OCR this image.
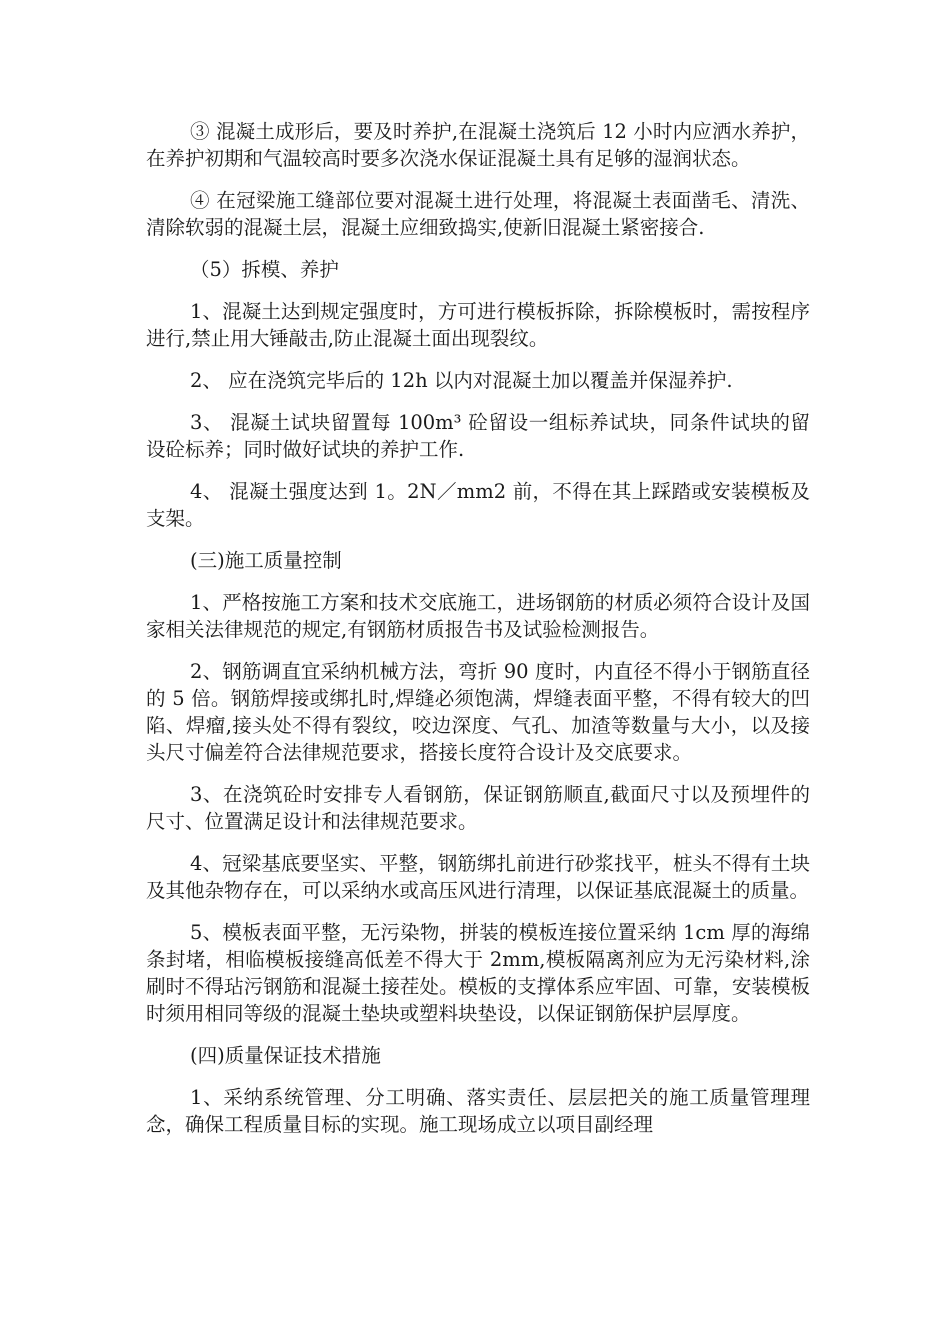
③ 混凝土成形后，要及时养护,在混凝土浇筑后 12 小时内应洒水养护，在养护初期和气温较高时要多次浇水保证混凝土具有足够的湿润状态。

④ 在冠梁施工缝部位要对混凝土进行处理，将混凝土表面凿毛、清洗、清除软弱的混凝土层，混凝土应细致捣实,使新旧混凝土紧密接合.

（5）拆模、养护

1、混凝土达到规定强度时，方可进行模板拆除，拆除模板时，需按程序进行,禁止用大锤敲击,防止混凝土面出现裂纹。

2、 应在浇筑完毕后的 12h 以内对混凝土加以覆盖并保湿养护.

3、 混凝土试块留置每 100m³ 砼留设一组标养试块，同条件试块的留设砼标养；同时做好试块的养护工作.

4、 混凝土强度达到 1。2N／mm2 前，不得在其上踩踏或安装模板及支架。

(三)施工质量控制

1、严格按施工方案和技术交底施工，进场钢筋的材质必须符合设计及国家相关法律规范的规定,有钢筋材质报告书及试验检测报告。

2、钢筋调直宜采纳机械方法，弯折 90 度时，内直径不得小于钢筋直径的 5 倍。钢筋焊接或绑扎时,焊缝必须饱满，焊缝表面平整，不得有较大的凹陷、焊瘤,接头处不得有裂纹，咬边深度、气孔、加渣等数量与大小，以及接头尺寸偏差符合法律规范要求，搭接长度符合设计及交底要求。

3、在浇筑砼时安排专人看钢筋，保证钢筋顺直,截面尺寸以及预埋件的尺寸、位置满足设计和法律规范要求。

4、冠梁基底要坚实、平整，钢筋绑扎前进行砂浆找平，桩头不得有土块及其他杂物存在，可以采纳水或高压风进行清理，以保证基底混凝土的质量。

5、模板表面平整，无污染物，拼装的模板连接位置采纳 1cm 厚的海绵条封堵，相临模板接缝高低差不得大于 2mm,模板隔离剂应为无污染材料,涂刷时不得玷污钢筋和混凝土接茬处。模板的支撑体系应牢固、可靠，安装模板时须用相同等级的混凝土垫块或塑料块垫设，以保证钢筋保护层厚度。

(四)质量保证技术措施

1、采纳系统管理、分工明确、落实责任、层层把关的施工质量管理理念，确保工程质量目标的实现。施工现场成立以项目副经理
